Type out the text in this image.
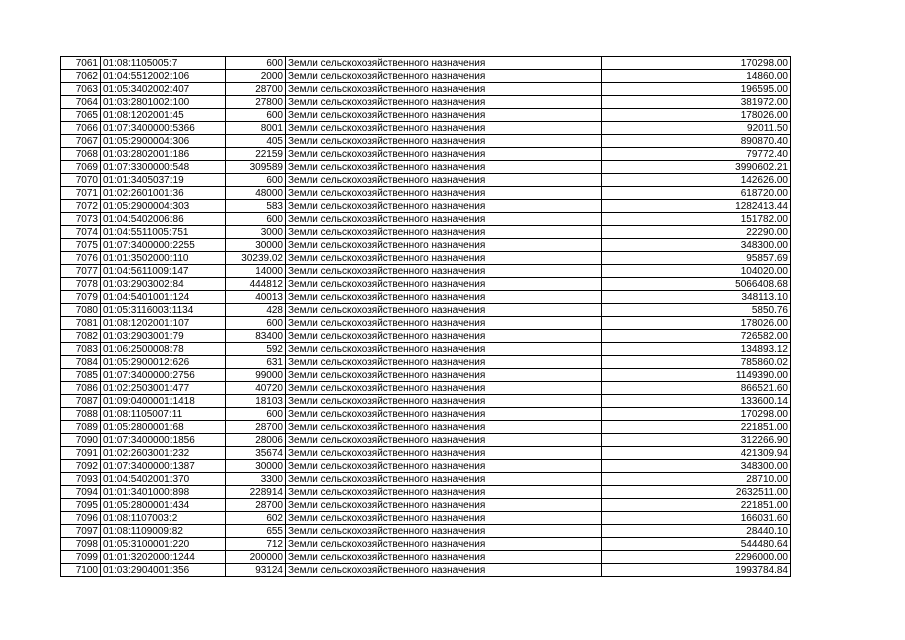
7061	01:08:1105005:7	600	Земли сельскохозяйственного назначения	170298.00
7062	01:04:5512002:106	2000	Земли сельскохозяйственного назначения	14860.00
7063	01:05:3402002:407	28700	Земли сельскохозяйственного назначения	196595.00
7064	01:03:2801002:100	27800	Земли сельскохозяйственного назначения	381972.00
7065	01:08:1202001:45	600	Земли сельскохозяйственного назначения	178026.00
7066	01:07:3400000:5366	8001	Земли сельскохозяйственного назначения	92011.50
7067	01:05:2900004:306	405	Земли сельскохозяйственного назначения	890870.40
7068	01:03:2802001:186	22159	Земли сельскохозяйственного назначения	79772.40
7069	01:07:3300000:548	309589	Земли сельскохозяйственного назначения	3990602.21
7070	01:01:3405037:19	600	Земли сельскохозяйственного назначения	142626.00
7071	01:02:2601001:36	48000	Земли сельскохозяйственного назначения	618720.00
7072	01:05:2900004:303	583	Земли сельскохозяйственного назначения	1282413.44
7073	01:04:5402006:86	600	Земли сельскохозяйственного назначения	151782.00
7074	01:04:5511005:751	3000	Земли сельскохозяйственного назначения	22290.00
7075	01:07:3400000:2255	30000	Земли сельскохозяйственного назначения	348300.00
7076	01:01:3502000:110	30239.02	Земли сельскохозяйственного назначения	95857.69
7077	01:04:5611009:147	14000	Земли сельскохозяйственного назначения	104020.00
7078	01:03:2903002:84	444812	Земли сельскохозяйственного назначения	5066408.68
7079	01:04:5401001:124	40013	Земли сельскохозяйственного назначения	348113.10
7080	01:05:3116003:1134	428	Земли сельскохозяйственного назначения	5850.76
7081	01:08:1202001:107	600	Земли сельскохозяйственного назначения	178026.00
7082	01:03:2903001:79	83400	Земли сельскохозяйственного назначения	726582.00
7083	01:06:2500008:78	592	Земли сельскохозяйственного назначения	134893.12
7084	01:05:2900012:626	631	Земли сельскохозяйственного назначения	785860.02
7085	01:07:3400000:2756	99000	Земли сельскохозяйственного назначения	1149390.00
7086	01:02:2503001:477	40720	Земли сельскохозяйственного назначения	866521.60
7087	01:09:0400001:1418	18103	Земли сельскохозяйственного назначения	133600.14
7088	01:08:1105007:11	600	Земли сельскохозяйственного назначения	170298.00
7089	01:05:2800001:68	28700	Земли сельскохозяйственного назначения	221851.00
7090	01:07:3400000:1856	28006	Земли сельскохозяйственного назначения	312266.90
7091	01:02:2603001:232	35674	Земли сельскохозяйственного назначения	421309.94
7092	01:07:3400000:1387	30000	Земли сельскохозяйственного назначения	348300.00
7093	01:04:5402001:370	3300	Земли сельскохозяйственного назначения	28710.00
7094	01:01:3401000:898	228914	Земли сельскохозяйственного назначения	2632511.00
7095	01:05:2800001:434	28700	Земли сельскохозяйственного назначения	221851.00
7096	01:08:1107003:2	602	Земли сельскохозяйственного назначения	166031.60
7097	01:08:1109009:82	655	Земли сельскохозяйственного назначения	28440.10
7098	01:05:3100001:220	712	Земли сельскохозяйственного назначения	544480.64
7099	01:01:3202000:1244	200000	Земли сельскохозяйственного назначения	2296000.00
7100	01:03:2904001:356	93124	Земли сельскохозяйственного назначения	1993784.84
